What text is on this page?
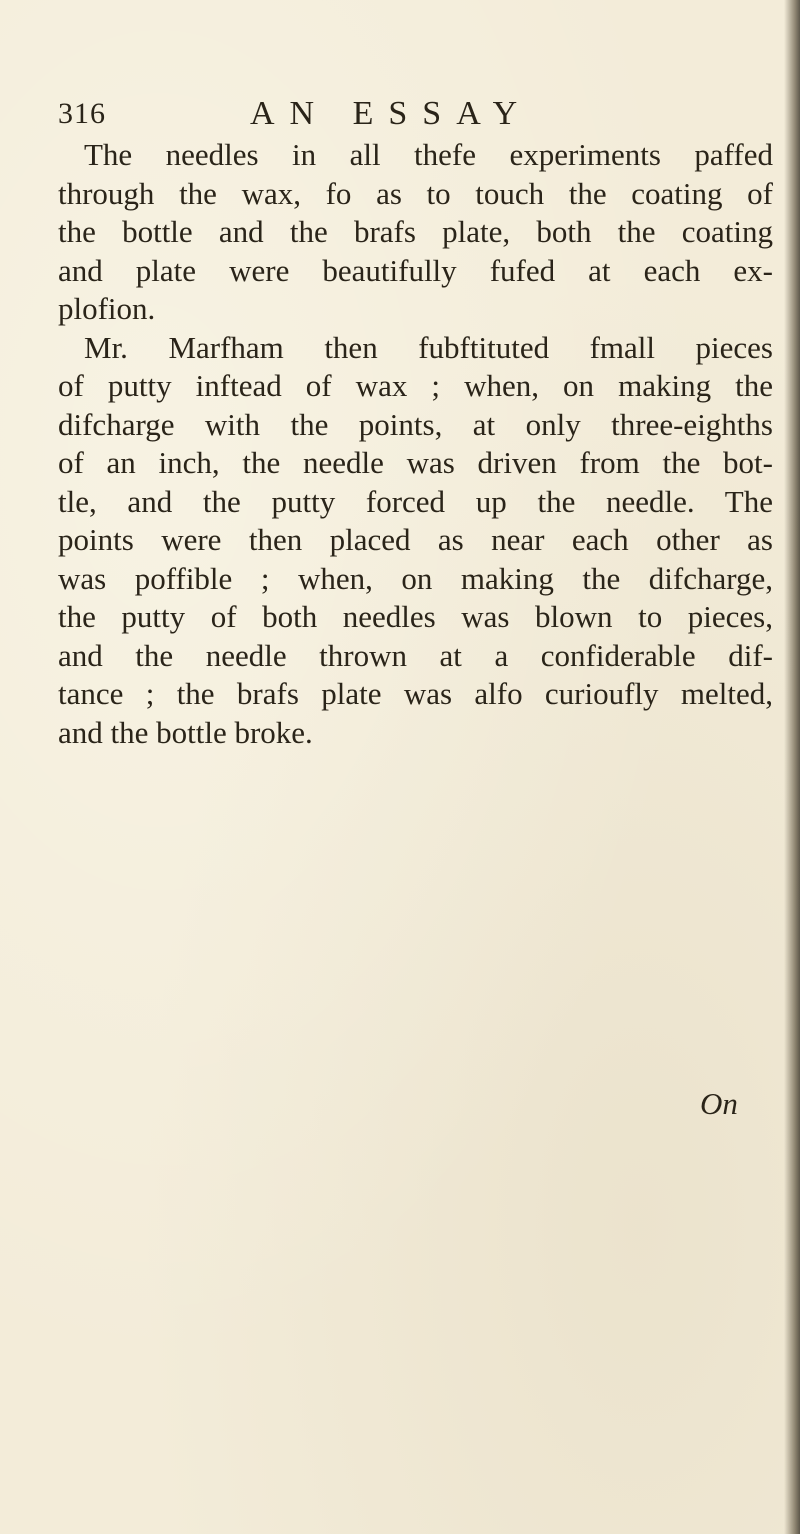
316	AN ESSAY
The needles in all thefe experiments paffed
through the wax, fo as to touch the coating of
the bottle and the brafs plate, both the coating
and plate were beautifully fufed at each ex-
plofion.
Mr. Marfham then fubftituted fmall pieces
of putty inftead of wax ; when, on making the
difcharge with the points, at only three-eighths
of an inch, the needle was driven from the bot-
tle, and the putty forced up the needle. The
points were then placed as near each other as
was poffible ; when, on making the difcharge,
the putty of both needles was blown to pieces,
and the needle thrown at a confiderable dif-
tance ; the brafs plate was alfo curioufly melted,
and the bottle broke.
On
